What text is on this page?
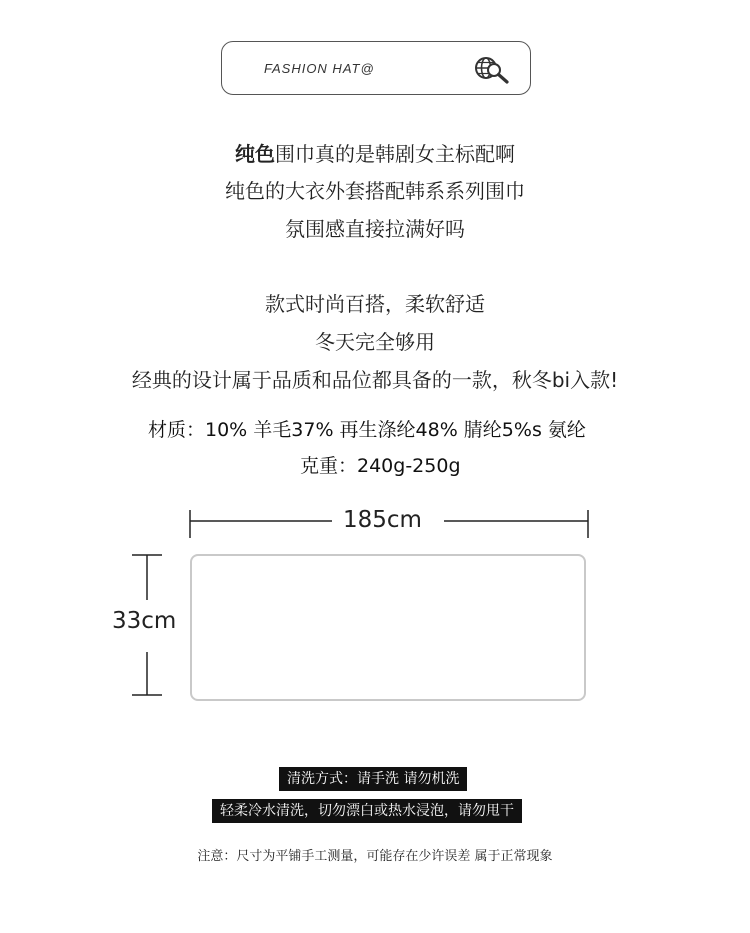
FASHION HAT@
纯色围巾真的是韩剧女主标配啊
纯色的大衣外套搭配韩系系列围巾
氛围感直接拉满好吗
款式时尚百搭，柔软舒适
冬天完全够用
经典的设计属于品质和品位都具备的一款，秋冬bi入款!
材质：10% 羊毛37% 再生涤纶48% 腈纶5%s 氨纶
克重：240g-250g
185cm
33cm
清洗方式：请手洗 请勿机洗
轻柔冷水清洗，切勿漂白或热水浸泡，请勿甩干
注意：尺寸为平铺手工测量，可能存在少许误差 属于正常现象
